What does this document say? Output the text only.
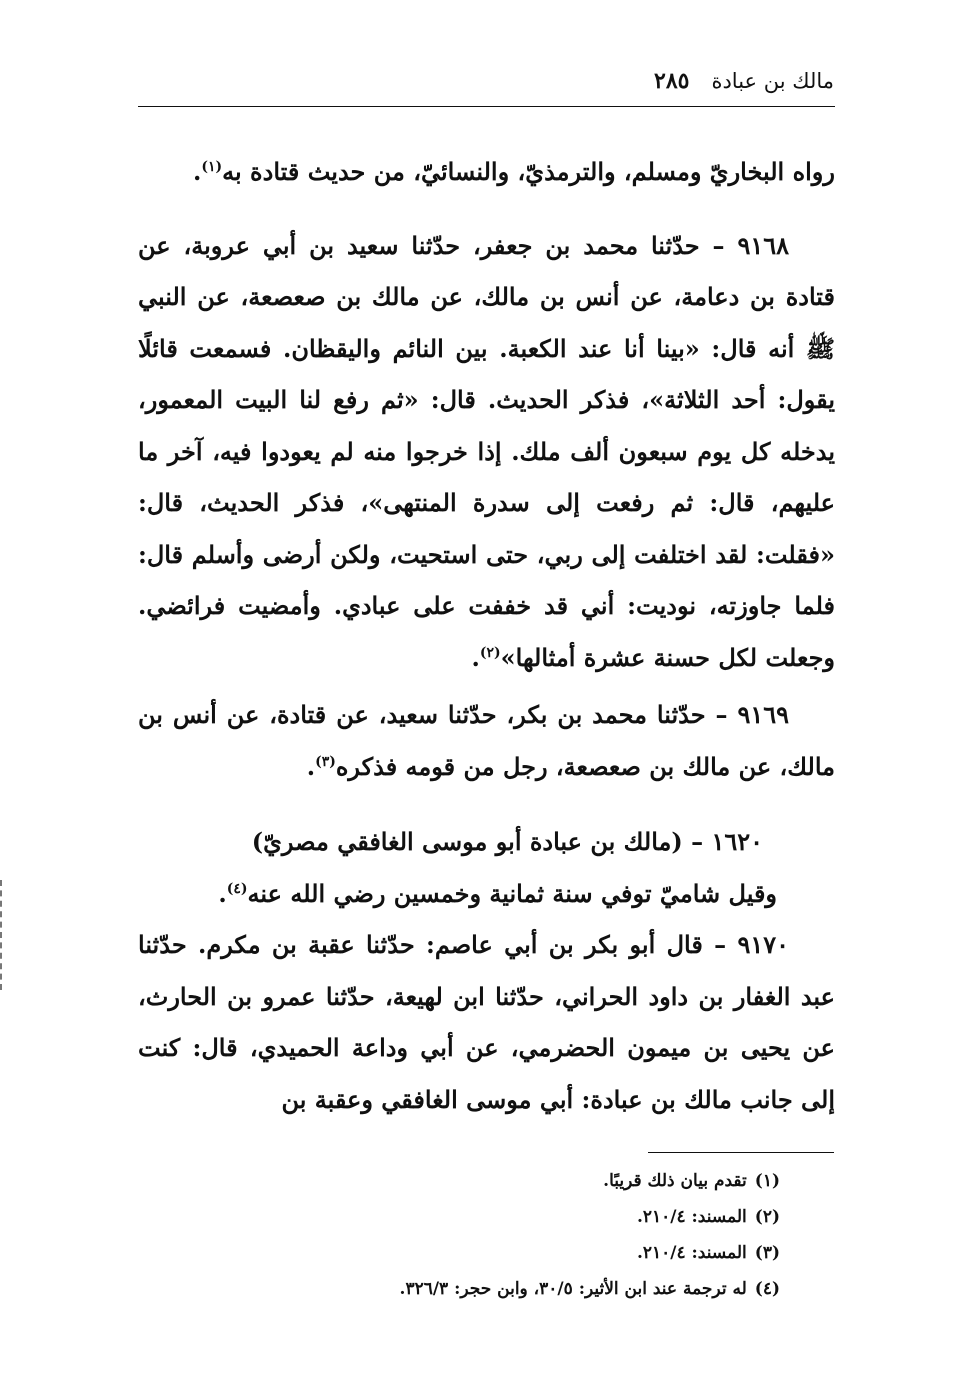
مالك بن عبادة
٢٨٥

رواه البخاريّ ومسلم، والترمذيّ، والنسائيّ، من حديث قتادة به$^{(١)}$.

٩١٦٨ – حدّثنا محمد بن جعفر، حدّثنا سعيد بن أبي عروبة، عن قتادة بن دعامة، عن أنس بن مالك، عن مالك بن صعصعة، عن النبي ﷺ أنه قال: «بينا أنا عند الكعبة. بين النائم واليقظان. فسمعت قائلًا يقول: أحد الثلاثة»، فذكر الحديث. قال: «ثم رفع لنا البيت المعمور، يدخله كل يوم سبعون ألف ملك. إذا خرجوا منه لم يعودوا فيه، آخر ما عليهم، قال: ثم رفعت إلى سدرة المنتهى»، فذكر الحديث، قال: «فقلت: لقد اختلفت إلى ربي، حتى استحيت، ولكن أرضى وأسلم قال: فلما جاوزته، نوديت: أني قد خففت على عبادي. وأمضيت فرائضي. وجعلت لكل حسنة عشرة أمثالها»$^{(٢)}$.

٩١٦٩ – حدّثنا محمد بن بكر، حدّثنا سعيد، عن قتادة، عن أنس بن مالك، عن مالك بن صعصعة، رجل من قومه فذكره$^{(٣)}$.

١٦٢٠ – (مالك بن عبادة أبو موسى الغافقي مصريّ)

وقيل شاميّ توفي سنة ثمانية وخمسين رضي الله عنه$^{(٤)}$.

٩١٧٠ – قال أبو بكر بن أبي عاصم: حدّثنا عقبة بن مكرم. حدّثنا عبد الغفار بن داود الحراني، حدّثنا ابن لهيعة، حدّثنا عمرو بن الحارث، عن يحيى بن ميمون الحضرمي، عن أبي وداعة الحميدي، قال: كنت إلى جانب مالك بن عبادة: أبي موسى الغافقي وعقبة بن

(١)تقدم بيان ذلك قريبًا.

(٢)المسند: ٢١٠/٤.

(٣)المسند: ٢١٠/٤.

(٤)له ترجمة عند ابن الأثير: ٣٠/٥، وابن حجر: ٣٢٦/٣.
